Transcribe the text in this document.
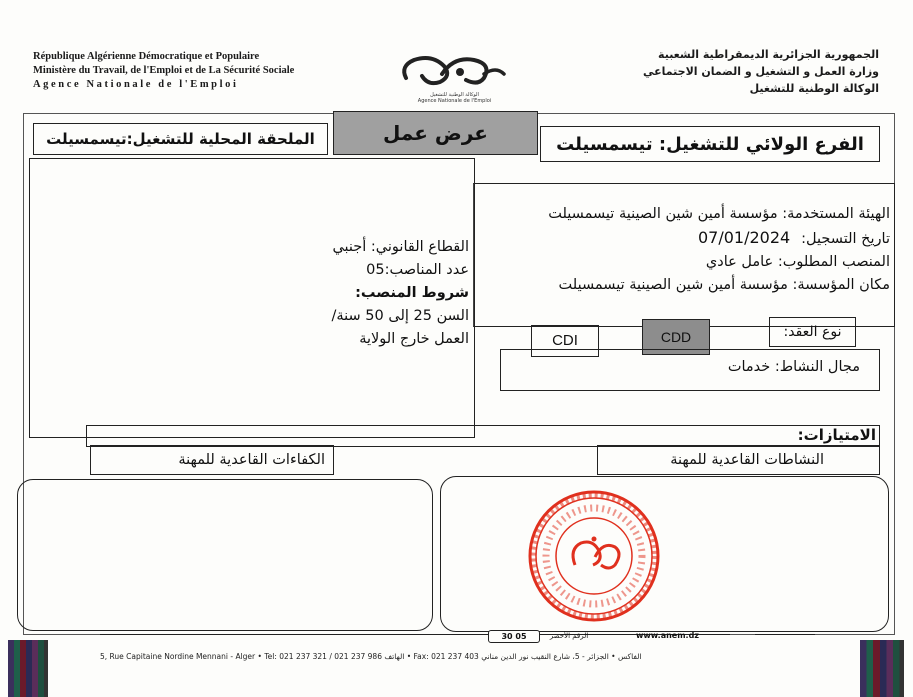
République Algérienne Démocratique et Populaire
Ministère du Travail, de l'Emploi et de La Sécurité Sociale
Agence Nationale de l'Emploi
الوكالة الوطنية للتشغيل
Agence Nationale de l'Emploi
الجمهورية الجزائرية الديمقراطية الشعبية
وزارة العمل و التشغيل و الضمان الاجتماعي
الوكالة الوطنية للتشغيل
الملحقة المحلية للتشغيل:تيسمسيلت	عرض عمل	الفرع الولائي للتشغيل: تيسمسيلت
القطاع القانوني: أجنبي
عدد المناصب:05
شروط المنصب:
السن 25 إلى 50 سنة/
العمل خارج الولاية
الهيئة المستخدمة: مؤسسة أمين شين الصينية تيسمسيلت
تاريخ التسجيل: 07/01/2024
المنصب المطلوب: عامل عادي
مكان المؤسسة: مؤسسة أمين شين الصينية تيسمسيلت
نوع العقد:
CDD
CDI
مجال النشاط: خدمات
الامتيازات:
النشاطات القاعدية للمهنة
الكفاءات القاعدية للمهنة
30 05	الرقم الأخضر	www.anem.dz
5, Rue Capitaine Nordine Mennani - Alger • Tel: 021 237 321 / 021 237 986 الهاتف • Fax: 021 237 403 الفاكس • الجزائر - 5، شارع النقيب نور الدين مناني
